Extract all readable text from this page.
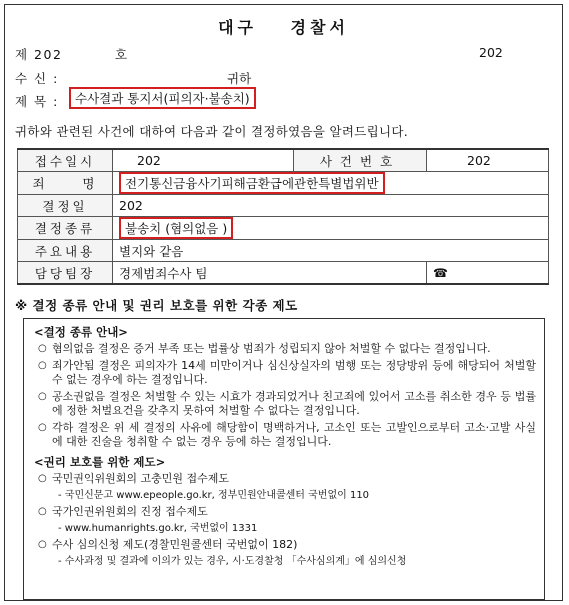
대구 경찰서
제 202	호	202
수 신 :	귀하
제 목 :	수사결과 통지서(피의자·불송치)
귀하와 관련된 사건에 대하여 다음과 같이 결정하였음을 알려드립니다.
접수일시	202	사건번호	202
죄     명	전기통신금융사기피해금환급에관한특별법위반		
결정일	202		
결정종류	불송치 (혐의없음 )		
주요내용	별지와 같음		
담당팀장	경제범죄수사 팀		☎
※ 결정 종류 안내 및 권리 보호를 위한 각종 제도
<결정 종류 안내>
○ 혐의없음 결정은 증거 부족 또는 법률상 범죄가 성립되지 않아 처벌할 수 없다는 결정입니다.
○ 죄가안됨 결정은 피의자가 14세 미만이거나 심신상실자의 범행 또는 정당방위 등에 해당되어 처벌할 수 없는 경우에 하는 결정입니다.
○ 공소권없음 결정은 처벌할 수 있는 시효가 경과되었거나 친고죄에 있어서 고소를 취소한 경우 등 법률에 정한 처벌요건을 갖추지 못하여 처벌할 수 없다는 결정입니다.
○ 각하 결정은 위 세 결정의 사유에 해당함이 명백하거나, 고소인 또는 고발인으로부터 고소·고발 사실에 대한 진술을 청취할 수 없는 경우 등에 하는 결정입니다.
<권리 보호를 위한 제도>
○ 국민권익위원회의 고충민원 접수제도
- 국민신문고 www.epeople.go.kr, 정부민원안내콜센터 국번없이 110
○ 국가인권위원회의 진정 접수제도
- www.humanrights.go.kr, 국번없이 1331
○ 수사 심의신청 제도(경찰민원콜센터 국번없이 182)
- 수사과정 및 결과에 이의가 있는 경우, 시·도경찰청 「수사심의계」에 심의신청
